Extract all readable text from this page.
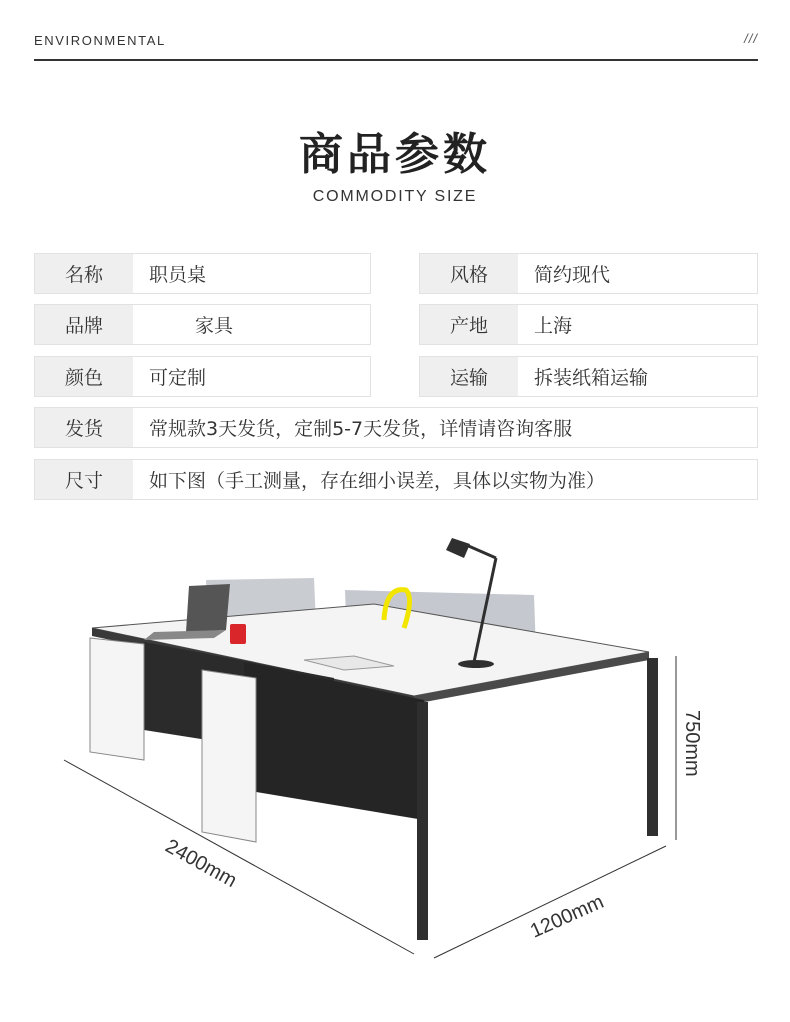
ENVIRONMENTAL	///
商品参数
COMMODITY SIZE
名称	职员桌	风格	简约现代
品牌	家具	产地	上海
颜色	可定制	运输	拆装纸箱运输
发货	常规款3天发货，定制5-7天发货，详情请咨询客服
尺寸	如下图（手工测量，存在细小误差，具体以实物为准）
2400mm
1200mm
750mm
